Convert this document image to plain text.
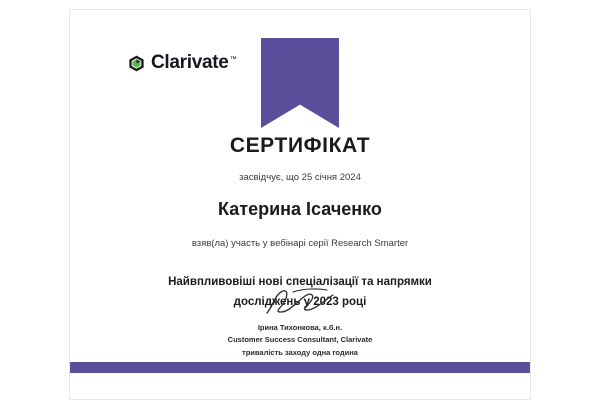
Clarivate™
СЕРТИФІКАТ
засвідчує, що 25 січня 2024
Катерина Ісаченко
взяв(ла) участь у вебінарі серії Research Smarter
Найвпливовіші нові спеціалізації та напрямки
досліджень у 2023 році
Ірина Тихонкова, к.б.н.
Customer Success Consultant, Clarivate
тривалість заходу одна година
